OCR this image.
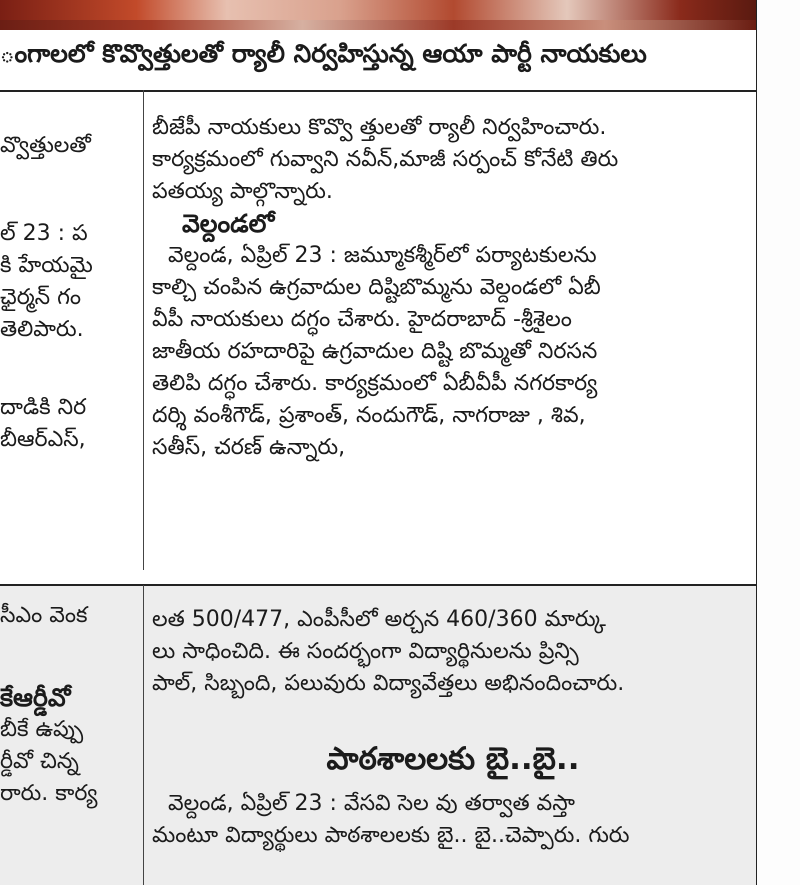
ంగాలలో కొవ్వొత్తులతో ర్యాలీ నిర్వహిస్తున్న ఆయా పార్టీ నాయకులు

వ్వొత్తులతో

ల్ 23 : ప

కి హేయమై

ఛైర్మన్ గం

తెలిపారు.

దాడికి నిర

బీఆర్ఎస్,

బీజేపీ నాయకులు కొవ్వొ త్తులతో ర్యాలీ నిర్వహించారు.

కార్యక్రమంలో గువ్వాని నవీన్,మాజీ సర్పంచ్ కోనేటి తిరు

పతయ్య పాల్గొన్నారు.

వెల్దండలో

వెల్దండ, ఏప్రిల్ 23 : జమ్మూకశ్మీర్‌లో పర్యాటకులను

కాల్చి చంపిన ఉగ్రవాదుల దిష్టిబొమ్మను వెల్దండలో ఏబీ

వీపీ నాయకులు దగ్ధం చేశారు. హైదరాబాద్ -శ్రీశైలం

జాతీయ రహదారిపై ఉగ్రవాదుల దిష్టి బొమ్మతో నిరసన

తెలిపి దగ్ధం చేశారు. కార్యక్రమంలో ఏబీవీపీ నగరకార్య

దర్శి వంశీగౌడ్, ప్రశాంత్, నందుగౌడ్, నాగరాజు , శివ,

సతీస్, చరణ్ ఉన్నారు,

సీఎం వెంక

కేఆర్డీవో

బీకే ఉప్పు

ర్డీవో చిన్న

రారు. కార్య

లత 500/477, ఎంపీసీలో అర్చన 460/360 మార్కు

లు సాధించిది. ఈ సందర్భంగా విద్యార్థినులను ప్రిన్సి

పాల్, సిబ్బంది, పలువురు విద్యావేత్తలు అభినందించారు.

పాఠశాలలకు బై..బై..

వెల్దండ, ఏప్రిల్ 23 : వేసవి సెల వు తర్వాత వస్తా

మంటూ విద్యార్థులు పాఠశాలలకు బై.. బై..చెప్పారు. గురు
